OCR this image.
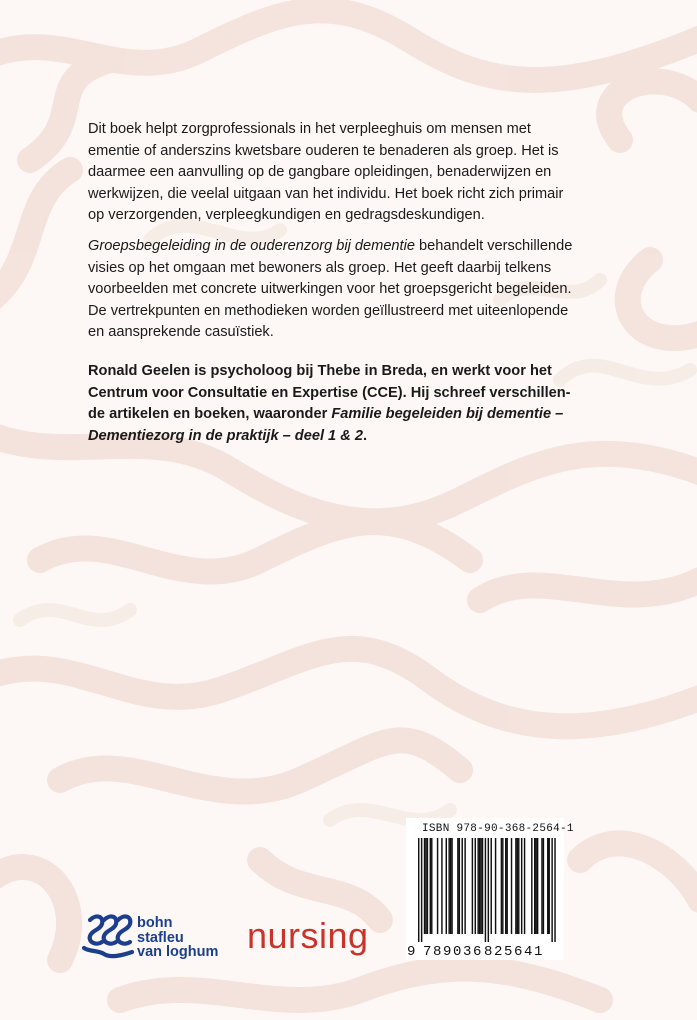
Dit boek helpt zorgprofessionals in het verpleeghuis om mensen met
ementie of anderszins kwetsbare ouderen te benaderen als groep. Het is
daarmee een aanvulling op de gangbare opleidingen, benaderwijzen en
werkwijzen, die veelal uitgaan van het individu. Het boek richt zich primair
op verzorgenden, verpleegkundigen en gedragsdeskundigen.
Groepsbegeleiding in de ouderenzorg bij dementie behandelt verschillende
visies op het omgaan met bewoners als groep. Het geeft daarbij telkens
voorbeelden met concrete uitwerkingen voor het groepsgericht begeleiden.
De vertrekpunten en methodieken worden geïllustreerd met uiteenlopende
en aansprekende casuïstiek.
Ronald Geelen is psycholoog bij Thebe in Breda, en werkt voor het
Centrum voor Consultatie en Expertise (CCE). Hij schreef verschillen-
de artikelen en boeken, waaronder Familie begeleiden bij dementie –
Dementiezorg in de praktijk – deel 1 & 2.
ISBN 978-90-368-2564-1
9 789036 825641
bohn
stafleu
van loghum nursing
